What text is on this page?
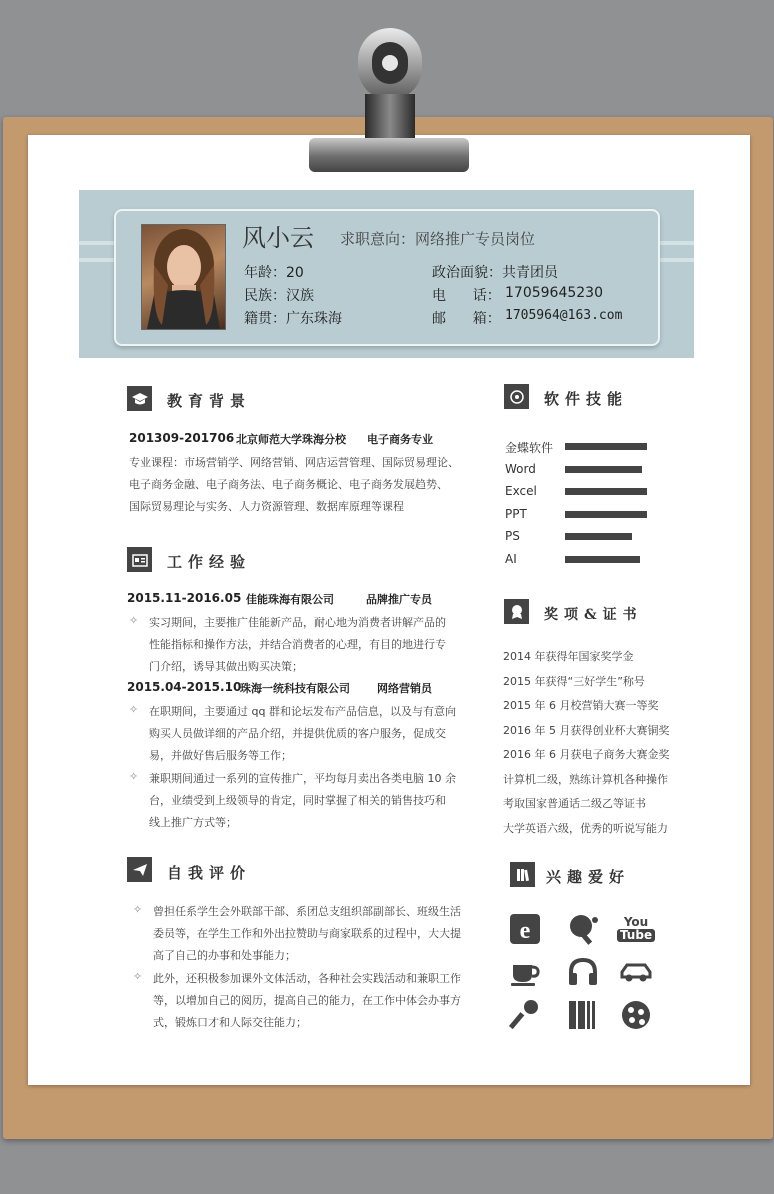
风小云 求职意向：网络推广专员岗位
年龄：20
民族：汉族
籍贯：广东珠海
政治面貌：共青团员
电      话： 17059645230
邮      箱： 1705964@163.com
教育背景
201309-201706 北京师范大学珠海分校 电子商务专业
专业课程：市场营销学、网络营销、网店运营管理、国际贸易理论、
电子商务金融、电子商务法、电子商务概论、电子商务发展趋势、
国际贸易理论与实务、人力资源管理、数据库原理等课程
工作经验
2015.11-2016.05 佳能珠海有限公司	品牌推广专员
✧ 实习期间，主要推广佳能新产品，耐心地为消费者讲解产品的
性能指标和操作方法，并结合消费者的心理，有目的地进行专
门介绍，诱导其做出购买决策；
2015.04-2015.10
珠海一统科技有限公司 网络营销员
✧ 在职期间，主要通过 qq 群和论坛发布产品信息，以及与有意向
购买人员做详细的产品介绍，并提供优质的客户服务，促成交
易，并做好售后服务等工作；
✧ 兼职期间通过一系列的宣传推广，平均每月卖出各类电脑 10 余
台，业绩受到上级领导的肯定，同时掌握了相关的销售技巧和
线上推广方式等；
自我评价
✧ 曾担任系学生会外联部干部、系团总支组织部副部长、班级生活
委员等，在学生工作和外出拉赞助与商家联系的过程中，大大提
高了自己的办事和处事能力；
✧ 此外，还积极参加课外文体活动，各种社会实践活动和兼职工作
等，以增加自己的阅历，提高自己的能力，在工作中体会办事方
式，锻炼口才和人际交往能力；
软件技能
金蝶软件
Word
Excel
PPT
PS
AI
奖项&证书
2014 年获得年国家奖学金
2015 年获得“三好学生”称号
2015 年 6 月校营销大赛一等奖
2016 年 5 月获得创业杯大赛铜奖
2016 年 6 月获电子商务大赛金奖
计算机二级，熟练计算机各种操作
考取国家普通话二级乙等证书
大学英语六级，优秀的听说写能力
兴趣爱好
e	You
Tube
